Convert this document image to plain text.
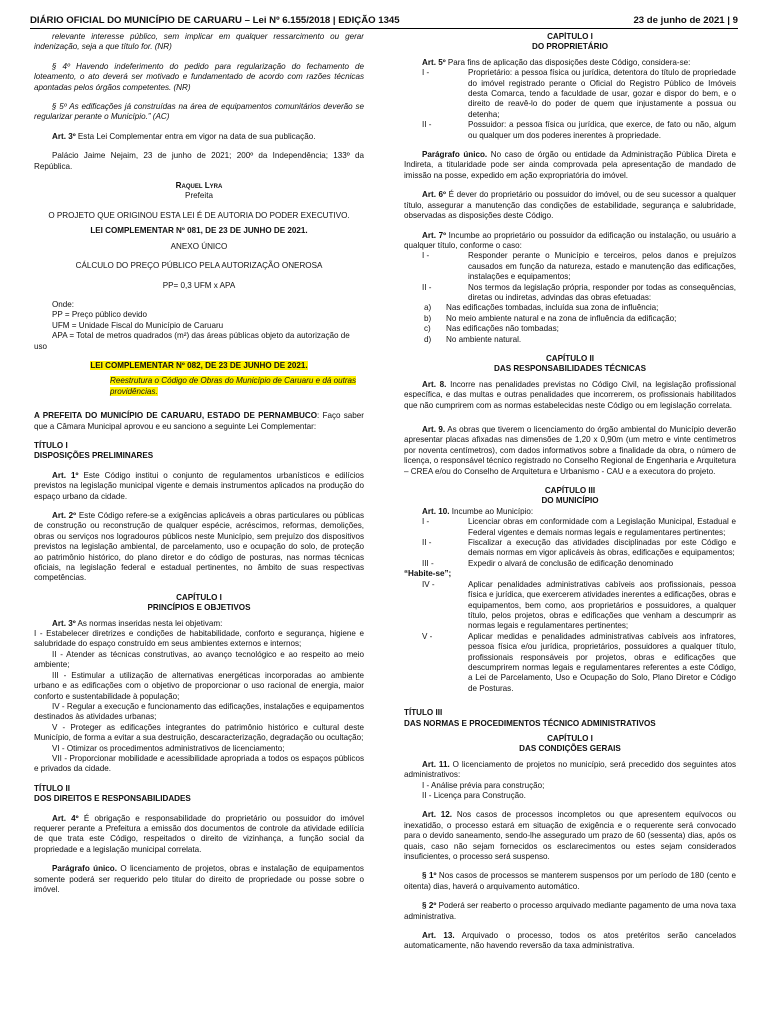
DIÁRIO OFICIAL DO MUNICÍPIO DE CARUARU – Lei Nº 6.155/2018 | EDIÇÃO 1345	23 de junho de 2021 | 9

relevante interesse público, sem implicar em qualquer ressarcimento ou gerar indenização, seja a que título for. (NR)

§ 4º Havendo indeferimento do pedido para regularização do fechamento de loteamento, o ato deverá ser motivado e fundamentado de acordo com razões técnicas apontadas pelos órgãos competentes. (NR)

§ 5º As edificações já construídas na área de equipamentos comunitários deverão se regularizar perante o Município.” (AC)

Art. 3º Esta Lei Complementar entra em vigor na data de sua publicação.

Palácio Jaime Nejaim, 23 de junho de 2021; 200º da Independência; 133º da República.

Raquel Lyra

Prefeita

O PROJETO QUE ORIGINOU ESTA LEI É DE AUTORIA DO PODER EXECUTIVO.

LEI COMPLEMENTAR Nº 081, DE 23 DE JUNHO DE 2021.

ANEXO ÚNICO

CÁLCULO DO PREÇO PÚBLICO PELA AUTORIZAÇÃO ONEROSA

PP= 0,3 UFM x APA

Onde:

PP = Preço público devido

UFM = Unidade Fiscal do Município de Caruaru

APA = Total de metros quadrados (m²) das áreas públicas objeto da autorização de uso

LEI COMPLEMENTAR Nº 082, DE 23 DE JUNHO DE 2021.

Reestrutura o Código de Obras do Município de Caruaru e dá outras providências.

A PREFEITA DO MUNICÍPIO DE CARUARU, ESTADO DE PERNAMBUCO: Faço saber que a Câmara Municipal aprovou e eu sanciono a seguinte Lei Complementar:

TÍTULO I

DISPOSIÇÕES PRELIMINARES

Art. 1º Este Código institui o conjunto de regulamentos urbanísticos e edilícios previstos na legislação municipal vigente e demais instrumentos aplicados na produção do espaço urbano da cidade.

Art. 2º Este Código refere-se a exigências aplicáveis a obras particulares ou públicas de construção ou reconstrução de qualquer espécie, acréscimos, reformas, demolições, obras ou serviços nos logradouros públicos neste Município, sem prejuízo dos dispositivos previstos na legislação ambiental, de parcelamento, uso e ocupação do solo, de proteção ao patrimônio histórico, do plano diretor e do código de posturas, nas normas técnicas oficiais, na legislação federal e estadual pertinentes, no âmbito de suas respectivas competências.

CAPÍTULO I

PRINCÍPIOS E OBJETIVOS

Art. 3º As normas inseridas nesta lei objetivam:

I - Estabelecer diretrizes e condições de habitabilidade, conforto e segurança, higiene e salubridade do espaço construído em seus ambientes externos e internos;

II - Atender as técnicas construtivas, ao avanço tecnológico e ao respeito ao meio ambiente;

III - Estimular a utilização de alternativas energéticas incorporadas ao ambiente urbano e as edificações com o objetivo de proporcionar o uso racional de energia, maior conforto e sustentabilidade à população;

IV - Regular a execução e funcionamento das edificações, instalações e equipamentos destinados às atividades urbanas;

V - Proteger as edificações integrantes do patrimônio histórico e cultural deste Município, de forma a evitar a sua destruição, descaracterização, degradação ou ocultação;

VI - Otimizar os procedimentos administrativos de licenciamento;

VII - Proporcionar mobilidade e acessibilidade apropriada a todos os espaços públicos e privados da cidade.

TÍTULO II

DOS DIREITOS E RESPONSABILIDADES

Art. 4º É obrigação e responsabilidade do proprietário ou possuidor do imóvel requerer perante a Prefeitura a emissão dos documentos de controle da atividade edilícia de que trata este Código, respeitados o direito de vizinhança, a função social da propriedade e a legislação municipal correlata.

Parágrafo único. O licenciamento de projetos, obras e instalação de equipamentos somente poderá ser requerido pelo titular do direito de propriedade ou posse sobre o imóvel.

CAPÍTULO I

DO PROPRIETÁRIO

Art. 5º Para fins de aplicação das disposições deste Código, considera-se:

I -	Proprietário: a pessoa física ou jurídica, detentora do título de propriedade do imóvel registrado perante o Oficial do Registro Público de Imóveis desta Comarca, tendo a faculdade de usar, gozar e dispor do bem, e o direito de reavê-lo do poder de quem que injustamente a possua ou detenha;
II -	Possuidor: a pessoa física ou jurídica, que exerce, de fato ou não, algum ou qualquer um dos poderes inerentes à propriedade.

Parágrafo único. No caso de órgão ou entidade da Administração Pública Direta e Indireta, a titularidade pode ser ainda comprovada pela apresentação de mandado de imissão na posse, expedido em ação expropriatória do imóvel.

Art. 6º É dever do proprietário ou possuidor do imóvel, ou de seu sucessor a qualquer título, assegurar a manutenção das condições de estabilidade, segurança e salubridade, observadas as disposições deste Código.

Art. 7º Incumbe ao proprietário ou possuidor da edificação ou instalação, ou usuário a qualquer título, conforme o caso:

I -	Responder perante o Município e terceiros, pelos danos e prejuízos causados em função da natureza, estado e manutenção das edificações, instalações e equipamentos;
II -	Nos termos da legislação própria, responder por todas as consequências, diretas ou indiretas, advindas das obras efetuadas:
a)	Nas edificações tombadas, incluída sua zona de influência;
b)	No meio ambiente natural e na zona de influência da edificação;
c)	Nas edificações não tombadas;
d)	No ambiente natural.

CAPÍTULO II

DAS RESPONSABILIDADES TÉCNICAS

Art. 8. Incorre nas penalidades previstas no Código Civil, na legislação profissional específica, e das multas e outras penalidades que incorrerem, os profissionais habilitados que não cumprirem com as normas estabelecidas neste Código ou em legislação correlata.

Art. 9. As obras que tiverem o licenciamento do órgão ambiental do Município deverão apresentar placas afixadas nas dimensões de 1,20 x 0,90m (um metro e vinte centímetros por noventa centímetros), com dados informativos sobre a finalidade da obra, o número de licença, o responsável técnico registrado no Conselho Regional de Engenharia e Arquitetura – CREA e/ou do Conselho de Arquitetura e Urbanismo - CAU e a executora do projeto.

CAPÍTULO III

DO MUNICÍPIO

Art. 10. Incumbe ao Município:

I -	Licenciar obras em conformidade com a Legislação Municipal, Estadual e Federal vigentes e demais normas legais e regulamentares pertinentes;
II -	Fiscalizar a execução das atividades disciplinadas por este Código e demais normas em vigor aplicáveis às obras, edificações e equipamentos;
III -	Expedir o alvará de conclusão de edificação denominado

“Habite-se”;

IV -	Aplicar penalidades administrativas cabíveis aos profissionais, pessoa física e jurídica, que exercerem atividades inerentes a edificações, obras e equipamentos, bem como, aos proprietários e possuidores, a qualquer título, pelos projetos, obras e edificações que venham a descumprir as normas legais e regulamentares pertinentes;
V -	Aplicar medidas e penalidades administrativas cabíveis aos infratores, pessoa física e/ou jurídica, proprietários, possuidores a qualquer título, profissionais responsáveis por projetos, obras e edificações que descumprirem normas legais e regulamentares referentes a este Código, a Lei de Parcelamento, Uso e Ocupação do Solo, Plano Diretor e Código de Posturas.

TÍTULO III

DAS NORMAS E PROCEDIMENTOS TÉCNICO ADMINISTRATIVOS

CAPÍTULO I

DAS CONDIÇÕES GERAIS

Art. 11. O licenciamento de projetos no município, será precedido dos seguintes atos administrativos:

I - Análise prévia para construção;

II - Licença para Construção.

Art. 12. Nos casos de processos incompletos ou que apresentem equívocos ou inexatidão, o processo estará em situação de exigência e o requerente será convocado para o devido saneamento, sendo-lhe assegurado um prazo de 60 (sessenta) dias, após os quais, caso não sejam fornecidos os esclarecimentos ou estes sejam considerados insuficientes, o processo será suspenso.

§ 1º Nos casos de processos se manterem suspensos por um período de 180 (cento e oitenta) dias, haverá o arquivamento automático.

§ 2º Poderá ser reaberto o processo arquivado mediante pagamento de uma nova taxa administrativa.

Art. 13. Arquivado o processo, todos os atos pretéritos serão cancelados automaticamente, não havendo reversão da taxa administrativa.
